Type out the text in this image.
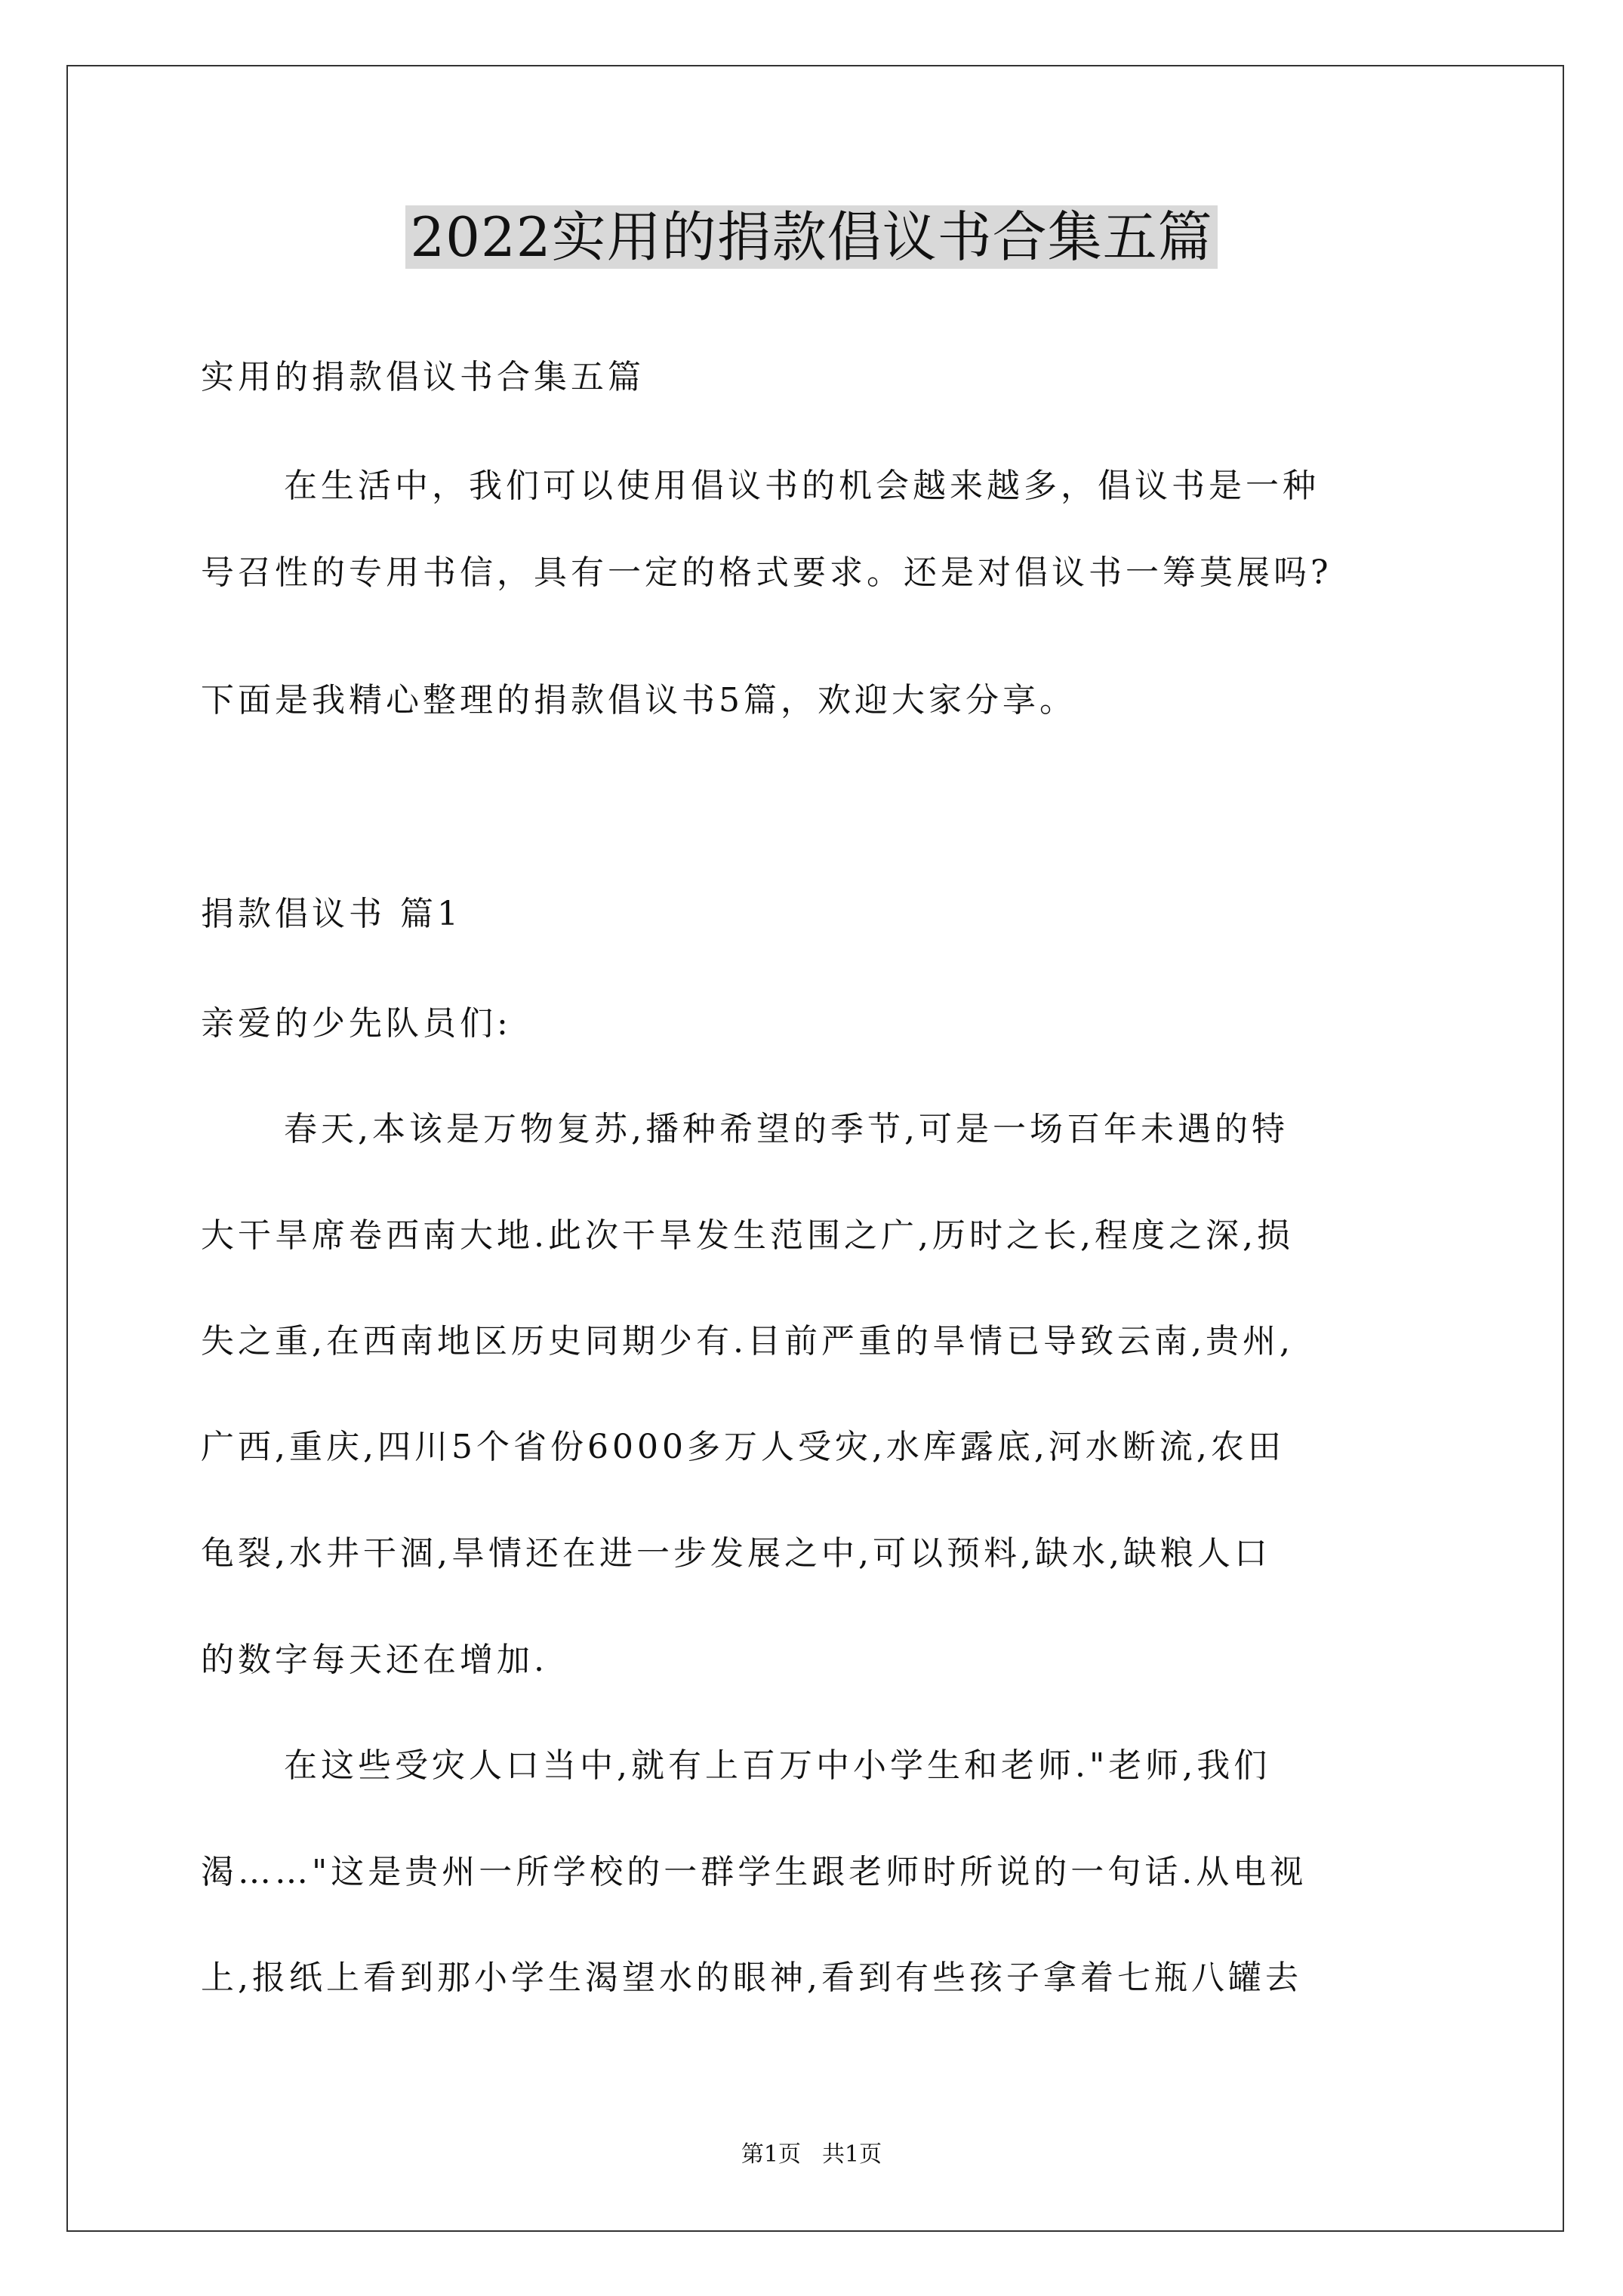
2022实用的捐款倡议书合集五篇
实用的捐款倡议书合集五篇
在生活中，我们可以使用倡议书的机会越来越多，倡议书是一种
号召性的专用书信，具有一定的格式要求。还是对倡议书一筹莫展吗?
下面是我精心整理的捐款倡议书5篇，欢迎大家分享。
捐款倡议书 篇1
亲爱的少先队员们:
春天,本该是万物复苏,播种希望的季节,可是一场百年未遇的特
大干旱席卷西南大地.此次干旱发生范围之广,历时之长,程度之深,损
失之重,在西南地区历史同期少有.目前严重的旱情已导致云南,贵州,
广西,重庆,四川5个省份6000多万人受灾,水库露底,河水断流,农田
龟裂,水井干涸,旱情还在进一步发展之中,可以预料,缺水,缺粮人口
的数字每天还在增加.
在这些受灾人口当中,就有上百万中小学生和老师."老师,我们
渴……"这是贵州一所学校的一群学生跟老师时所说的一句话.从电视
上,报纸上看到那小学生渴望水的眼神,看到有些孩子拿着七瓶八罐去
第1页 共1页
